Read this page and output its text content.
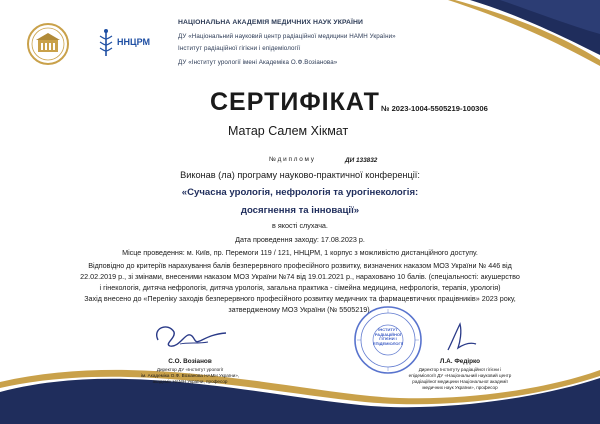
ННЦРМ
НАЦІОНАЛЬНА АКАДЕМІЯ МЕДИЧНИХ НАУК УКРАЇНИ
ДУ «Національний науковий центр радіаційної медицини НАМН України»
Інститут радіаційної гігієни і епідеміології
ДУ «Інститут урології імені Академіка О.Ф.Возіанова»
СЕРТИФІКАТ № 2023-1004-5505219-100306
Матар Салем Хікмат
№ д и п л о м у	ДИ 133832
Виконав (ла) програму науково-практичної конференції:
«Сучасна урологія, нефрологія та урогінекологія:
досягнення та інновації»
в якості слухача.
Дата проведення заходу: 17.08.2023 р.
Місце проведення: м. Київ, пр. Перемоги 119 / 121, ННЦРМ, 1 корпус з можливістю дистанційного доступу.
Відповідно до критеріїв нарахування балів безперервного професійного розвитку, визначених наказом МОЗ України № 446 від
22.02.2019 р., зі змінами, внесеними наказом МОЗ України №74 від 19.01.2021 р., нараховано 10 балів. (спеціальності: акушерство
і гінекологія, дитяча нефрологія, дитяча урологія, загальна практика - сімейна медицина, нефрологія, терапія, урологія)
Захід внесено до «Переліку заходів безперервного професійного розвитку медичних та фармацевтичних працівників» 2023 року,
затвердженому МОЗ України (№ 5505219).
С.О. Возіанов
Директор ДУ «Інститут урології
ім. Академіка О.Ф. Возіанова НАМН України»,
академік НАМН України, професор
ІНСТИТУТ РАДІАЦІЙНОЇ ГІГІЄНИ І ЕПІДЕМІОЛОГІЇ
Л.А. Федірко
Директор Інституту радіаційної гігієни і
епідеміології ДУ «Національний науковий центр
радіаційної медицини Національної академії
медичних наук України», професор
